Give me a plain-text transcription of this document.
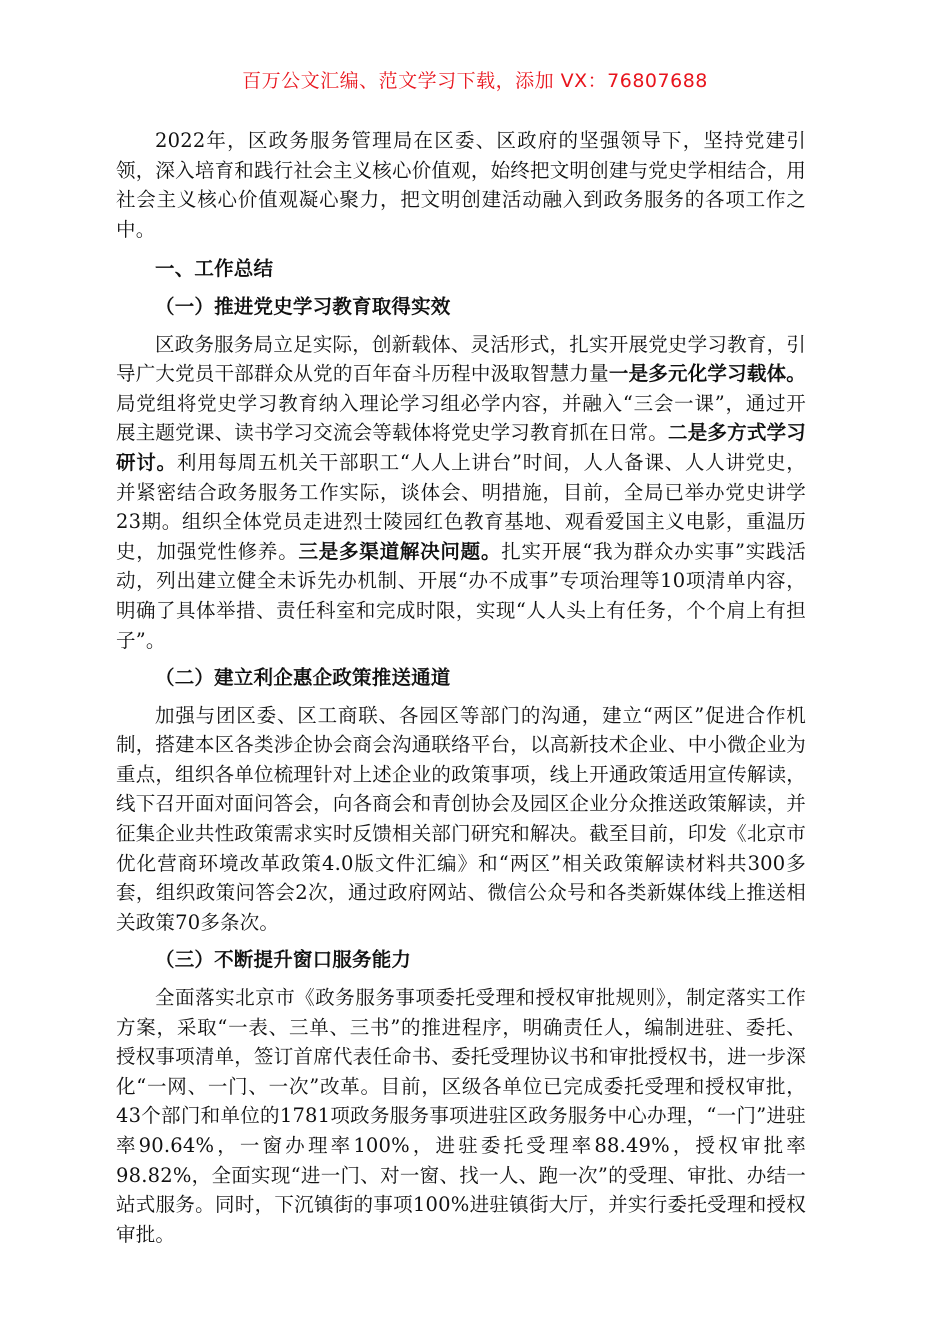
百万公文汇编、范文学习下载，添加 VX：76807688

2022年，区政务服务管理局在区委、区政府的坚强领导下，坚持党建引领，深入培育和践行社会主义核心价值观，始终把文明创建与党史学相结合，用社会主义核心价值观凝心聚力，把文明创建活动融入到政务服务的各项工作之中。

一、工作总结

（一）推进党史学习教育取得实效

区政务服务局立足实际，创新载体、灵活形式，扎实开展党史学习教育，引导广大党员干部群众从党的百年奋斗历程中汲取智慧力量一是多元化学习载体。局党组将党史学习教育纳入理论学习组必学内容，并融入“三会一课”，通过开展主题党课、读书学习交流会等载体将党史学习教育抓在日常。二是多方式学习研讨。利用每周五机关干部职工“人人上讲台”时间，人人备课、人人讲党史，并紧密结合政务服务工作实际，谈体会、明措施，目前，全局已举办党史讲学23期。组织全体党员走进烈士陵园红色教育基地、观看爱国主义电影，重温历史，加强党性修养。三是多渠道解决问题。扎实开展“我为群众办实事”实践活动，列出建立健全未诉先办机制、开展“办不成事”专项治理等10项清单内容，明确了具体举措、责任科室和完成时限，实现“人人头上有任务，个个肩上有担子”。

（二）建立利企惠企政策推送通道

加强与团区委、区工商联、各园区等部门的沟通，建立“两区”促进合作机制，搭建本区各类涉企协会商会沟通联络平台，以高新技术企业、中小微企业为重点，组织各单位梳理针对上述企业的政策事项，线上开通政策适用宣传解读，线下召开面对面问答会，向各商会和青创协会及园区企业分众推送政策解读，并征集企业共性政策需求实时反馈相关部门研究和解决。截至目前，印发《北京市优化营商环境改革政策4.0版文件汇编》和“两区”相关政策解读材料共300多套，组织政策问答会2次，通过政府网站、微信公众号和各类新媒体线上推送相关政策70多条次。

（三）不断提升窗口服务能力

全面落实北京市《政务服务事项委托受理和授权审批规则》，制定落实工作方案，采取“一表、三单、三书”的推进程序，明确责任人，编制进驻、委托、授权事项清单，签订首席代表任命书、委托受理协议书和审批授权书，进一步深化“一网、一门、一次”改革。目前，区级各单位已完成委托受理和授权审批，43个部门和单位的1781项政务服务事项进驻区政务服务中心办理，“一门”进驻率90.64%，一窗办理率100%，进驻委托受理率88.49%，授权审批率98.82%，全面实现“进一门、对一窗、找一人、跑一次”的受理、审批、办结一站式服务。同时，下沉镇街的事项100%进驻镇街大厅，并实行委托受理和授权审批。
